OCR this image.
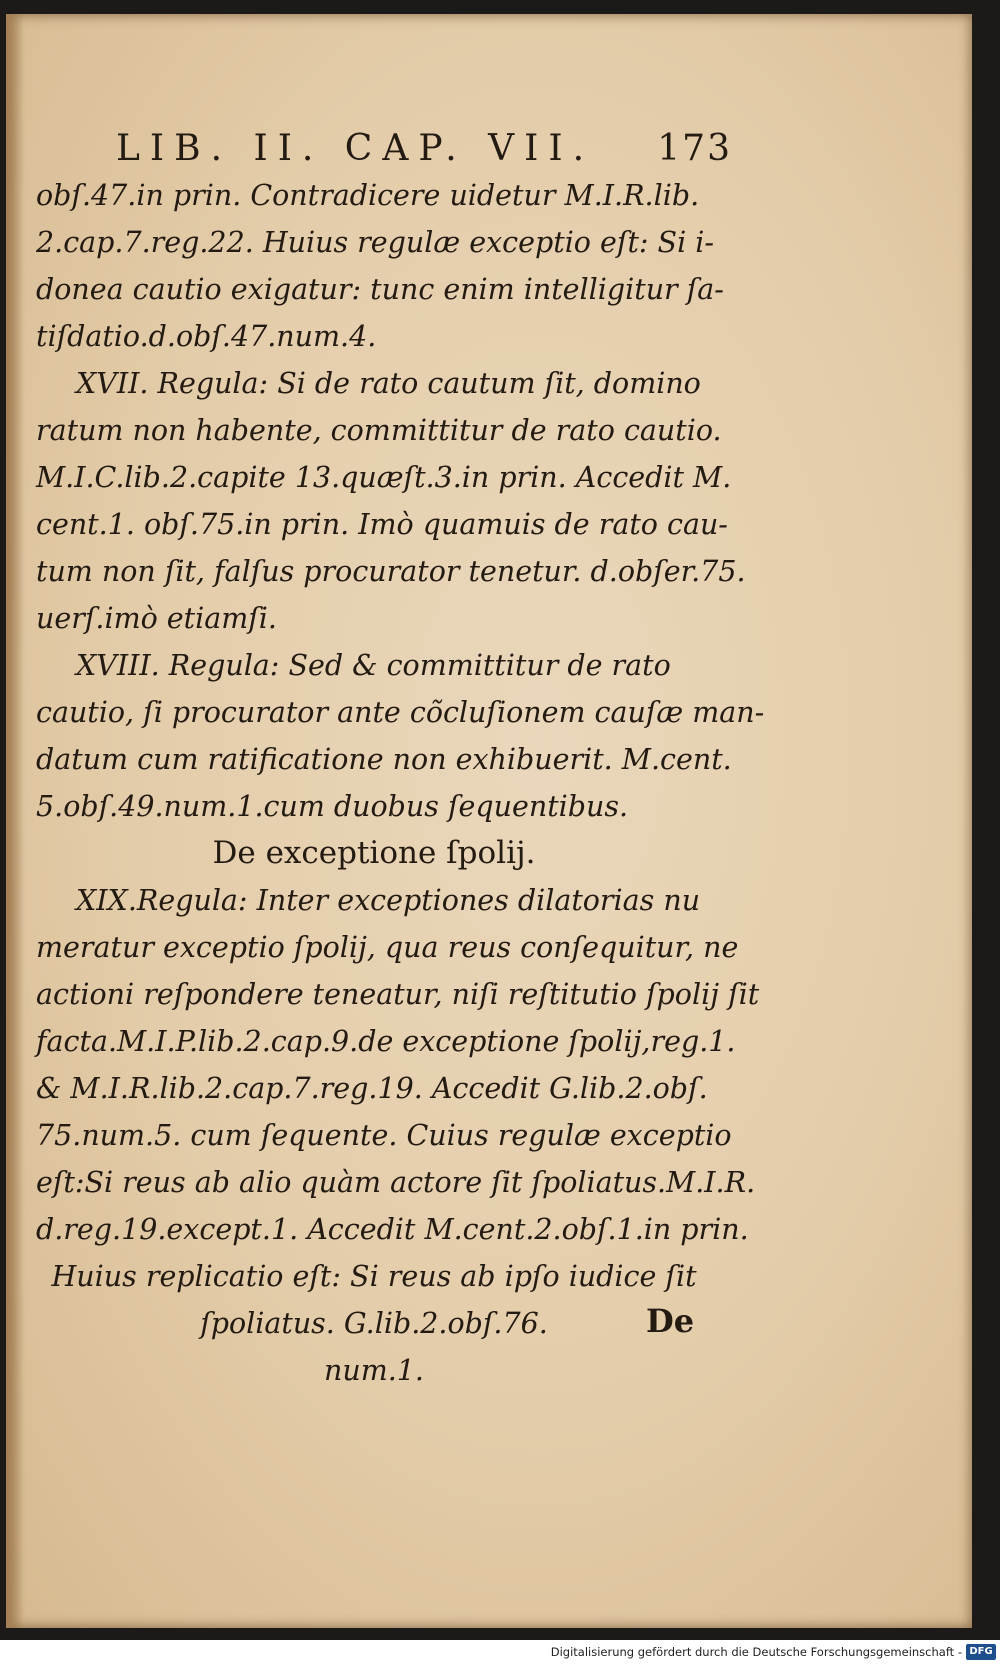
LIB. II. CAP. VII. 173
obſ.47.in prin. Contradicere uidetur M.I.R.lib.
2.cap.7.reg.22. Huius regulæ exceptio eſt: Si i-
donea cautio exigatur: tunc enim intelligitur ſa-
tiſdatio.d.obſ.47.num.4.
XVII. Regula: Si de rato cautum ſit, domino
ratum non habente, committitur de rato cautio.
M.I.C.lib.2.capite 13.quæſt.3.in prin. Accedit M.
cent.1. obſ.75.in prin. Imò quamuis de rato cau-
tum non ſit, falſus procurator tenetur. d.obſer.75.
uerſ.imò etiamſi.
XVIII. Regula: Sed & committitur de rato
cautio, ſi procurator ante cõcluſionem cauſæ man-
datum cum ratificatione non exhibuerit. M.cent.
5.obſ.49.num.1.cum duobus ſequentibus.
De exceptione ſpolij.
XIX.Regula: Inter exceptiones dilatorias nu
meratur exceptio ſpolij, qua reus conſequitur, ne
actioni reſpondere teneatur, niſi reſtitutio ſpolij ſit
facta.M.I.P.lib.2.cap.9.de exceptione ſpolij,reg.1.
& M.I.R.lib.2.cap.7.reg.19. Accedit G.lib.2.obſ.
75.num.5. cum ſequente. Cuius regulæ exceptio
eſt:Si reus ab alio quàm actore ſit ſpoliatus.M.I.R.
d.reg.19.except.1. Accedit M.cent.2.obſ.1.in prin.
Huius replicatio eſt: Si reus ab ipſo iudice ſit
ſpoliatus. G.lib.2.obſ.76.
num.1.
De
Digitalisierung gefördert durch die Deutsche Forschungsgemeinschaft - DFG
